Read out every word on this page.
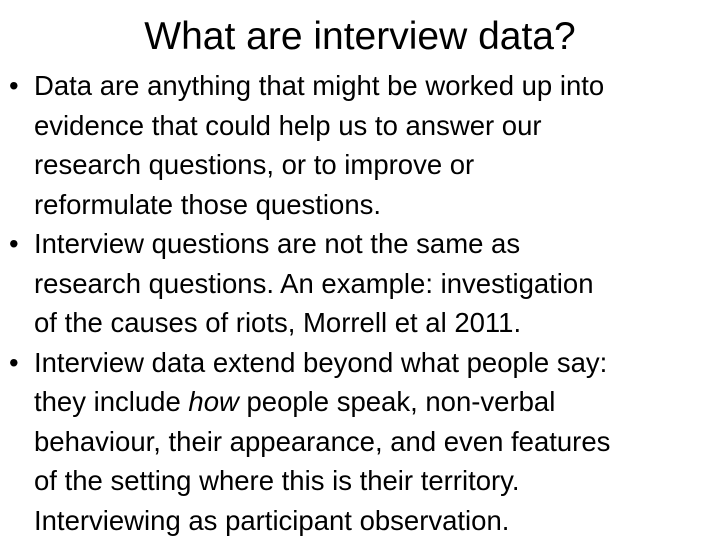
What are interview data?
• Data are anything that might be worked up into
evidence that could help us to answer our
research questions, or to improve or
reformulate those questions.
• Interview questions are not the same as
research questions. An example: investigation
of the causes of riots, Morrell et al 2011.
• Interview data extend beyond what people say:
they include how people speak, non-verbal
behaviour, their appearance, and even features
of the setting where this is their territory.
Interviewing as participant observation.
